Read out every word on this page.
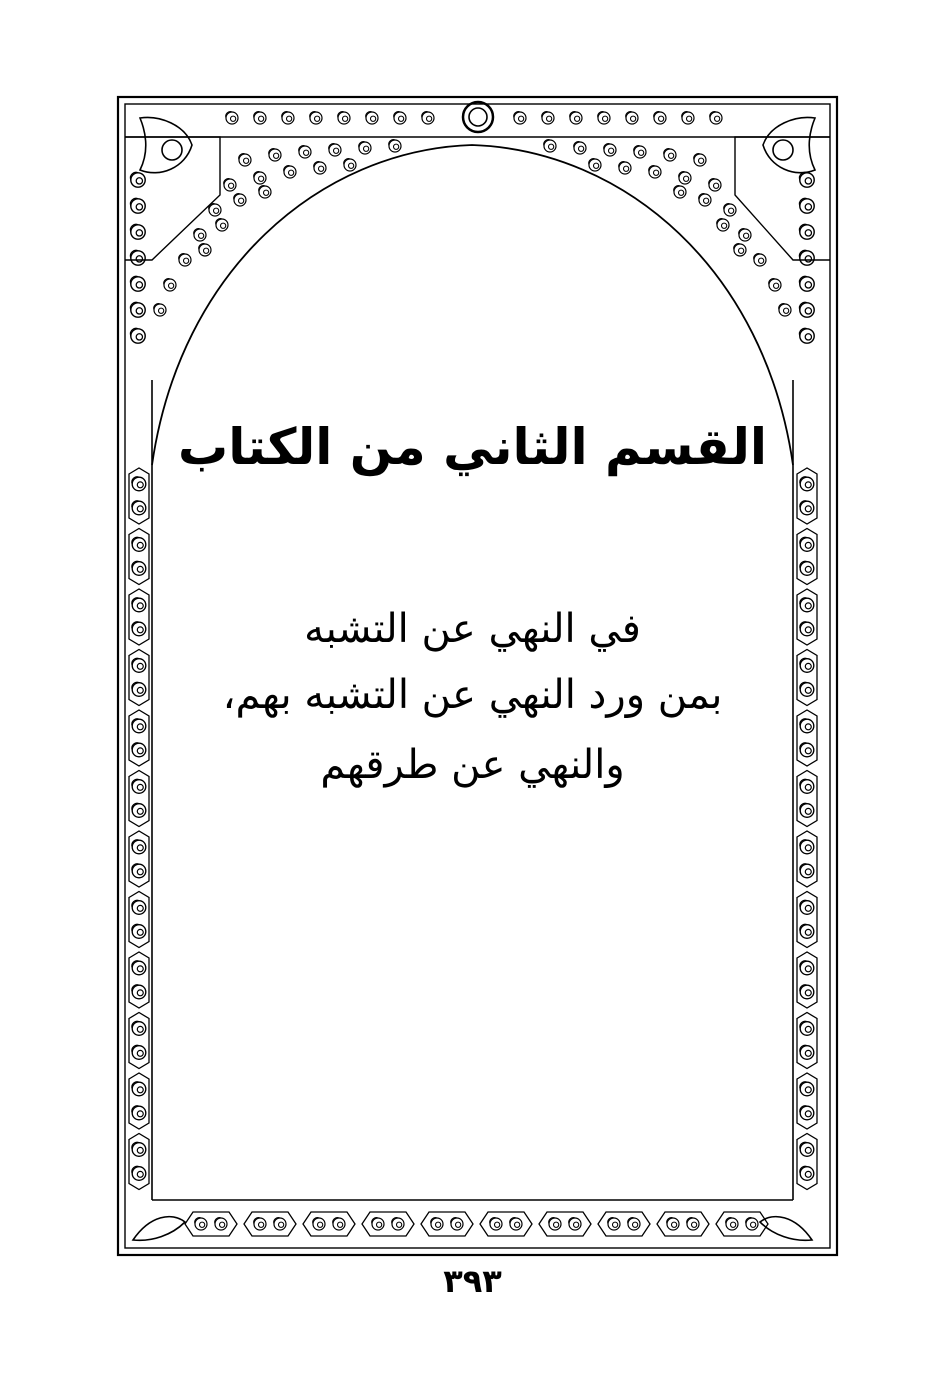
القسم الثاني من الكتاب
في النهي عن التشبه
بمن ورد النهي عن التشبه بهم،
والنهي عن طرقهم
٣٩٣
